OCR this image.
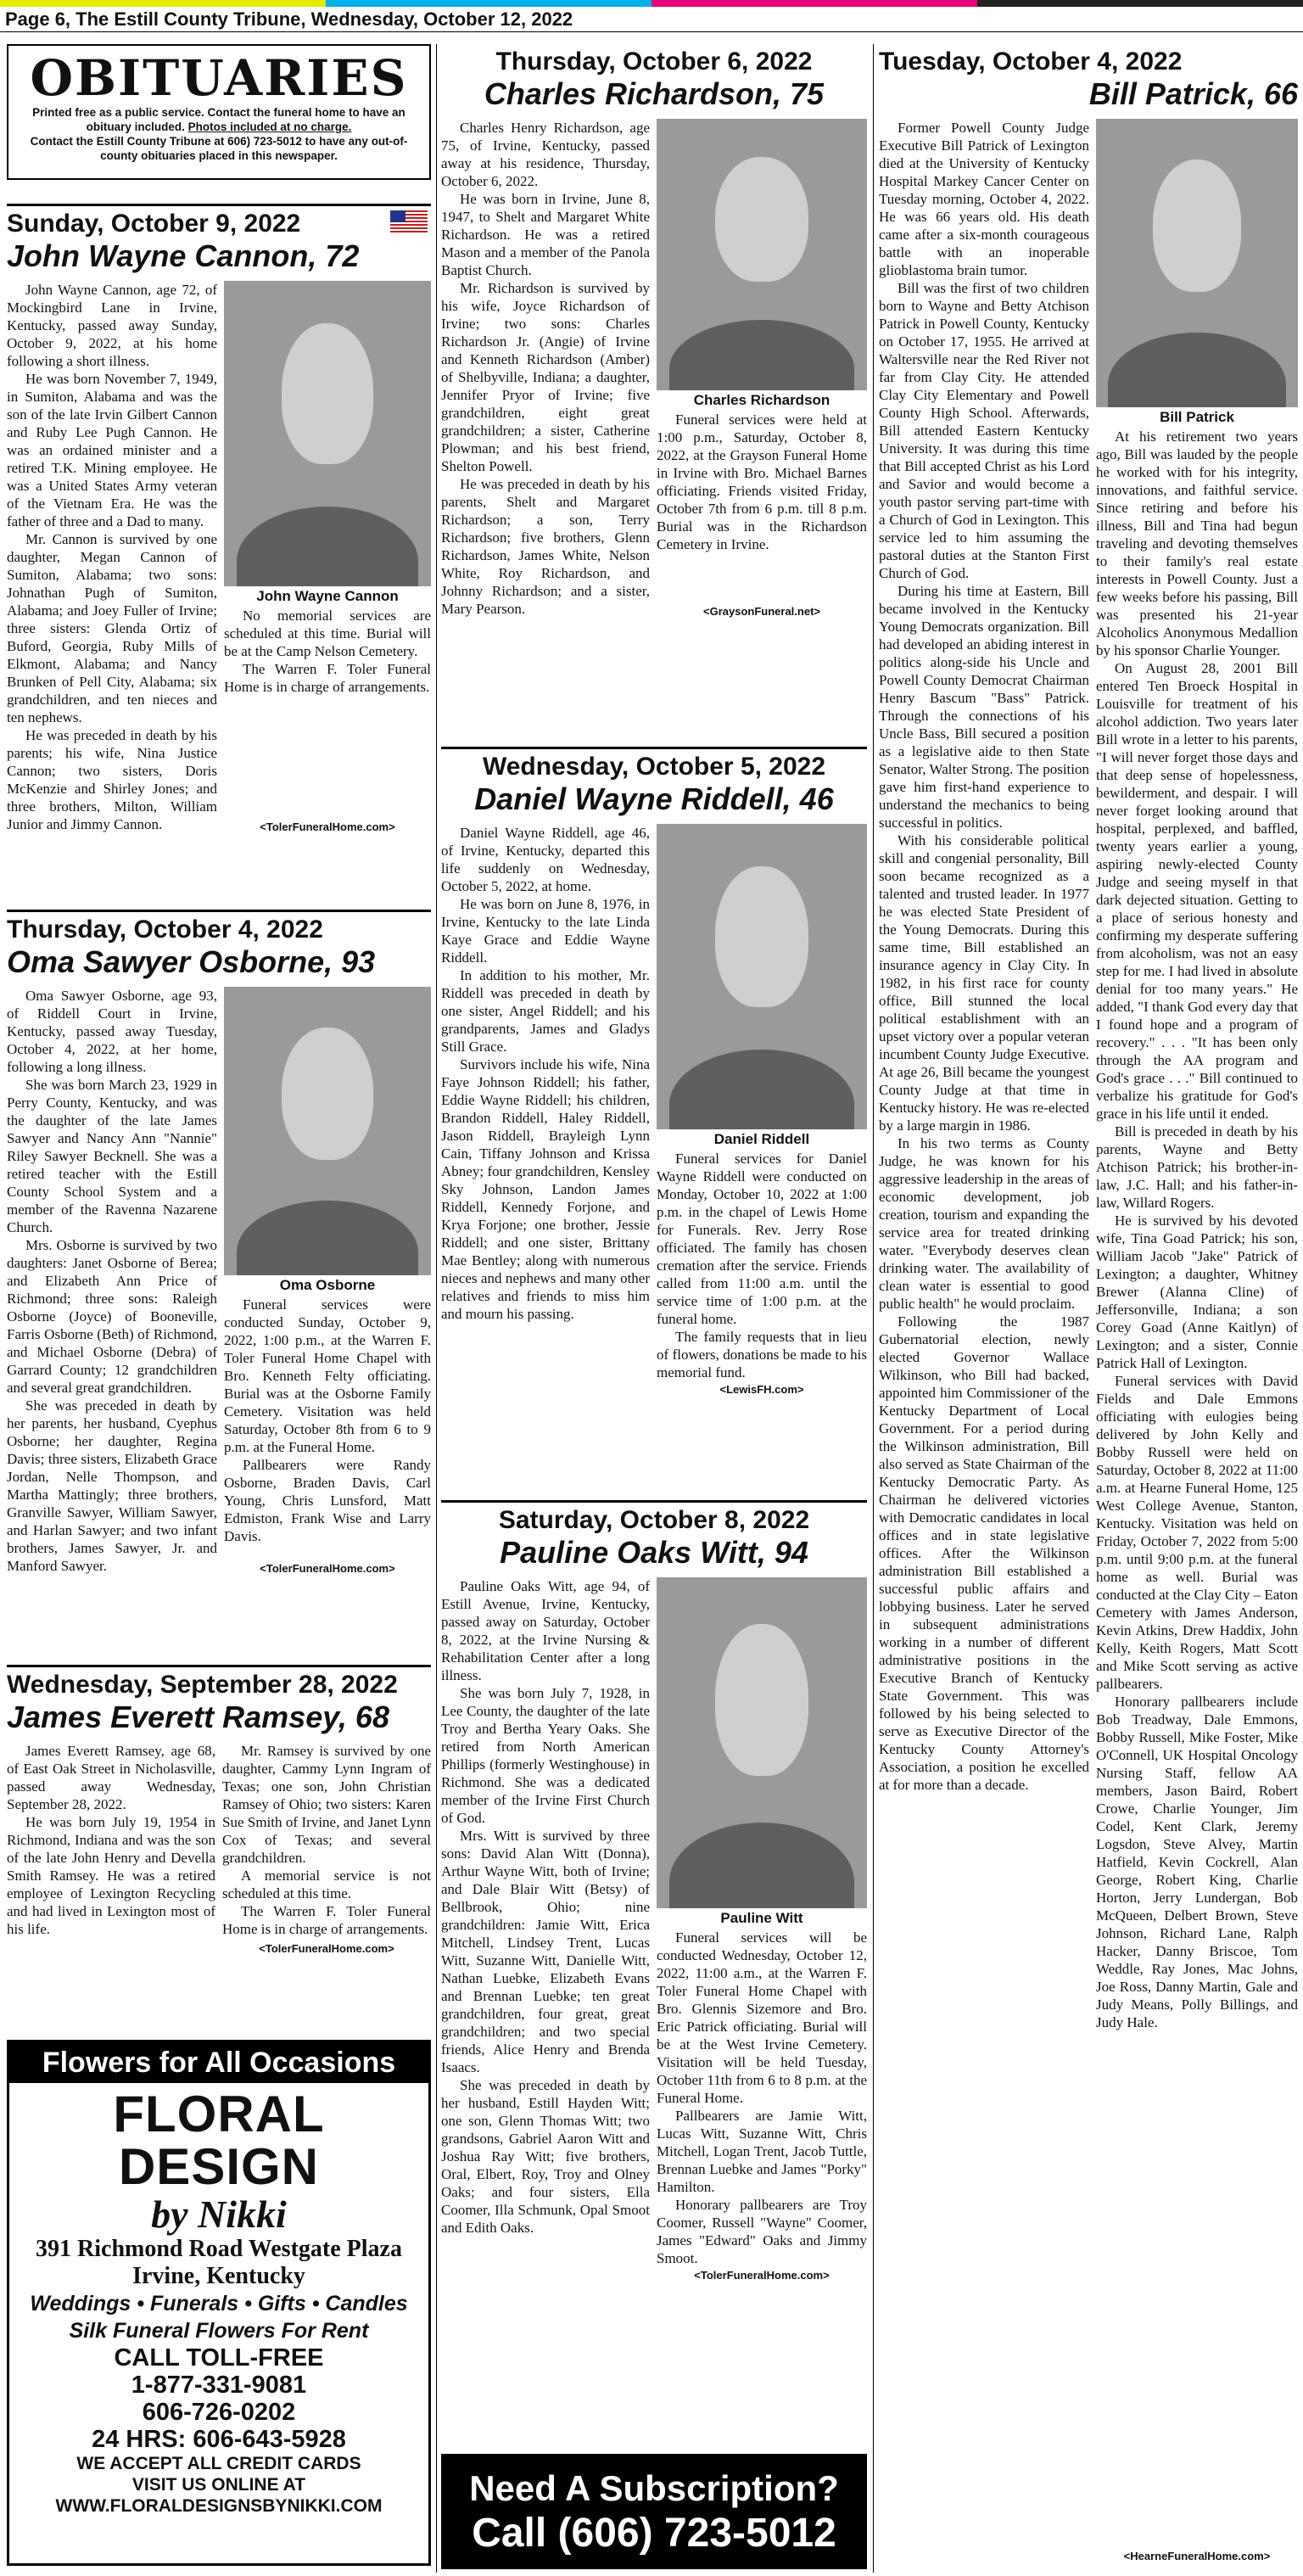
Page 6, The Estill County Tribune, Wednesday, October 12, 2022
OBITUARIES
Printed free as a public service. Contact the funeral home to have an obituary included. Photos included at no charge.
Contact the Estill County Tribune at 606) 723-5012 to have any out-of-county obituaries placed in this newspaper.
Sunday, October 9, 2022
John Wayne Cannon, 72

John Wayne Cannon, age 72, of Mockingbird Lane in Irvine, Kentucky, passed away Sunday, October 9, 2022, at his home following a short illness.

He was born November 7, 1949, in Sumiton, Alabama and was the son of the late Irvin Gilbert Cannon and Ruby Lee Pugh Cannon. He was an ordained minister and a retired T.K. Mining employee. He was a United States Army veteran of the Vietnam Era. He was the father of three and a Dad to many.

Mr. Cannon is survived by one daughter, Megan Cannon of Sumiton, Alabama; two sons: Johnathan Pugh of Sumiton, Alabama; and Joey Fuller of Irvine; three sisters: Glenda Ortiz of Buford, Georgia, Ruby Mills of Elkmont, Alabama; and Nancy Brunken of Pell City, Alabama; six grandchildren, and ten nieces and ten nephews.

He was preceded in death by his parents; his wife, Nina Justice Cannon; two sisters, Doris McKenzie and Shirley Jones; and three brothers, Milton, William Junior and Jimmy Cannon.

John Wayne Cannon

No memorial services are scheduled at this time. Burial will be at the Camp Nelson Cemetery.

The Warren F. Toler Funeral Home is in charge of arrangements.

<TolerFuneralHome.com>
Thursday, October 4, 2022
Oma Sawyer Osborne, 93

Oma Sawyer Osborne, age 93, of Riddell Court in Irvine, Kentucky, passed away Tuesday, October 4, 2022, at her home, following a long illness.

She was born March 23, 1929 in Perry County, Kentucky, and was the daughter of the late James Sawyer and Nancy Ann "Nannie" Riley Sawyer Becknell. She was a retired teacher with the Estill County School System and a member of the Ravenna Nazarene Church.

Mrs. Osborne is survived by two daughters: Janet Osborne of Berea; and Elizabeth Ann Price of Richmond; three sons: Raleigh Osborne (Joyce) of Booneville, Farris Osborne (Beth) of Richmond, and Michael Osborne (Debra) of Garrard County; 12 grandchildren and several great grandchildren.

She was preceded in death by her parents, her husband, Cyephus Osborne; her daughter, Regina Davis; three sisters, Elizabeth Grace Jordan, Nelle Thompson, and Martha Mattingly; three brothers, Granville Sawyer, William Sawyer, and Harlan Sawyer; and two infant brothers, James Sawyer, Jr. and Manford Sawyer.

Oma Osborne

Funeral services were conducted Sunday, October 9, 2022, 1:00 p.m., at the Warren F. Toler Funeral Home Chapel with Bro. Kenneth Felty officiating. Burial was at the Osborne Family Cemetery. Visitation was held Saturday, October 8th from 6 to 9 p.m. at the Funeral Home.

Pallbearers were Randy Osborne, Braden Davis, Carl Young, Chris Lunsford, Matt Edmiston, Frank Wise and Larry Davis.

<TolerFuneralHome.com>
Wednesday, September 28, 2022
James Everett Ramsey, 68

James Everett Ramsey, age 68, of East Oak Street in Nicholasville, passed away Wednesday, September 28, 2022.

He was born July 19, 1954 in Richmond, Indiana and was the son of the late John Henry and Devella Smith Ramsey. He was a retired employee of Lexington Recycling and had lived in Lexington most of his life.

Mr. Ramsey is survived by one daughter, Cammy Lynn Ingram of Texas; one son, John Christian Ramsey of Ohio; two sisters: Karen Sue Smith of Irvine, and Janet Lynn Cox of Texas; and several grandchildren.

A memorial service is not scheduled at this time.

The Warren F. Toler Funeral Home is in charge of arrangements.

<TolerFuneralHome.com>
Flowers for All Occasions
FLORAL DESIGN
by Nikki
391 Richmond Road Westgate Plaza
Irvine, Kentucky
Weddings • Funerals • Gifts • Candles
Silk Funeral Flowers For Rent
CALL TOLL-FREE
1-877-331-9081
606-726-0202
24 HRS: 606-643-5928
WE ACCEPT ALL CREDIT CARDS
VISIT US ONLINE AT
WWW.FLORALDESIGNSBYNIKKI.COM
Thursday, October 6, 2022
Charles Richardson, 75

Charles Henry Richardson, age 75, of Irvine, Kentucky, passed away at his residence, Thursday, October 6, 2022.

He was born in Irvine, June 8, 1947, to Shelt and Margaret White Richardson. He was a retired Mason and a member of the Panola Baptist Church.

Mr. Richardson is survived by his wife, Joyce Richardson of Irvine; two sons: Charles Richardson Jr. (Angie) of Irvine and Kenneth Richardson (Amber) of Shelbyville, Indiana; a daughter, Jennifer Pryor of Irvine; five grandchildren, eight great grandchildren; a sister, Catherine Plowman; and his best friend, Shelton Powell.

He was preceded in death by his parents, Shelt and Margaret Richardson; a son, Terry Richardson; five brothers, Glenn Richardson, James White, Nelson White, Roy Richardson, and Johnny Richardson; and a sister, Mary Pearson.

Charles Richardson

Funeral services were held at 1:00 p.m., Saturday, October 8, 2022, at the Grayson Funeral Home in Irvine with Bro. Michael Barnes officiating. Friends visited Friday, October 7th from 6 p.m. till 8 p.m. Burial was in the Richardson Cemetery in Irvine.

<GraysonFuneral.net>
Wednesday, October 5, 2022
Daniel Wayne Riddell, 46

Daniel Wayne Riddell, age 46, of Irvine, Kentucky, departed this life suddenly on Wednesday, October 5, 2022, at home.

He was born on June 8, 1976, in Irvine, Kentucky to the late Linda Kaye Grace and Eddie Wayne Riddell.

In addition to his mother, Mr. Riddell was preceded in death by one sister, Angel Riddell; and his grandparents, James and Gladys Still Grace.

Survivors include his wife, Nina Faye Johnson Riddell; his father, Eddie Wayne Riddell; his children, Brandon Riddell, Haley Riddell, Jason Riddell, Brayleigh Lynn Cain, Tiffany Johnson and Krissa Abney; four grandchildren, Kensley Sky Johnson, Landon James Riddell, Kennedy Forjone, and Krya Forjone; one brother, Jessie Riddell; and one sister, Brittany Mae Bentley; along with numerous nieces and nephews and many other relatives and friends to miss him and mourn his passing.

Daniel Riddell

Funeral services for Daniel Wayne Riddell were conducted on Monday, October 10, 2022 at 1:00 p.m. in the chapel of Lewis Home for Funerals. Rev. Jerry Rose officiated. The family has chosen cremation after the service. Friends called from 11:00 a.m. until the service time of 1:00 p.m. at the funeral home.

The family requests that in lieu of flowers, donations be made to his memorial fund.

<LewisFH.com>
Saturday, October 8, 2022
Pauline Oaks Witt, 94

Pauline Oaks Witt, age 94, of Estill Avenue, Irvine, Kentucky, passed away on Saturday, October 8, 2022, at the Irvine Nursing & Rehabilitation Center after a long illness.

She was born July 7, 1928, in Lee County, the daughter of the late Troy and Bertha Yeary Oaks. She retired from North American Phillips (formerly Westinghouse) in Richmond. She was a dedicated member of the Irvine First Church of God.

Mrs. Witt is survived by three sons: David Alan Witt (Donna), Arthur Wayne Witt, both of Irvine; and Dale Blair Witt (Betsy) of Bellbrook, Ohio; nine grandchildren: Jamie Witt, Erica Mitchell, Lindsey Trent, Lucas Witt, Suzanne Witt, Danielle Witt, Nathan Luebke, Elizabeth Evans and Brennan Luebke; ten great grandchildren, four great, great grandchildren; and two special friends, Alice Henry and Brenda Isaacs.

She was preceded in death by her husband, Estill Hayden Witt; one son, Glenn Thomas Witt; two grandsons, Gabriel Aaron Witt and Joshua Ray Witt; five brothers, Oral, Elbert, Roy, Troy and Olney Oaks; and four sisters, Ella Coomer, Illa Schmunk, Opal Smoot and Edith Oaks.

Pauline Witt

Funeral services will be conducted Wednesday, October 12, 2022, 11:00 a.m., at the Warren F. Toler Funeral Home Chapel with Bro. Glennis Sizemore and Bro. Eric Patrick officiating. Burial will be at the West Irvine Cemetery. Visitation will be held Tuesday, October 11th from 6 to 8 p.m. at the Funeral Home.

Pallbearers are Jamie Witt, Lucas Witt, Suzanne Witt, Chris Mitchell, Logan Trent, Jacob Tuttle, Brennan Luebke and James "Porky" Hamilton.

Honorary pallbearers are Troy Coomer, Russell "Wayne" Coomer, James "Edward" Oaks and Jimmy Smoot.

<TolerFuneralHome.com>
Need A Subscription?
Call (606) 723-5012
Tuesday, October 4, 2022
Bill Patrick, 66

Former Powell County Judge Executive Bill Patrick of Lexington died at the University of Kentucky Hospital Markey Cancer Center on Tuesday morning, October 4, 2022. He was 66 years old. His death came after a six-month courageous battle with an inoperable glioblastoma brain tumor.

Bill was the first of two children born to Wayne and Betty Atchison Patrick in Powell County, Kentucky on October 17, 1955. He arrived at Waltersville near the Red River not far from Clay City. He attended Clay City Elementary and Powell County High School. Afterwards, Bill attended Eastern Kentucky University. It was during this time that Bill accepted Christ as his Lord and Savior and would become a youth pastor serving part-time with a Church of God in Lexington. This service led to him assuming the pastoral duties at the Stanton First Church of God.

During his time at Eastern, Bill became involved in the Kentucky Young Democrats organization. Bill had developed an abiding interest in politics along-side his Uncle and Powell County Democrat Chairman Henry Bascum "Bass" Patrick. Through the connections of his Uncle Bass, Bill secured a position as a legislative aide to then State Senator, Walter Strong. The position gave him first-hand experience to understand the mechanics to being successful in politics.

With his considerable political skill and congenial personality, Bill soon became recognized as a talented and trusted leader. In 1977 he was elected State President of the Young Democrats. During this same time, Bill established an insurance agency in Clay City. In 1982, in his first race for county office, Bill stunned the local political establishment with an upset victory over a popular veteran incumbent County Judge Executive. At age 26, Bill became the youngest County Judge at that time in Kentucky history. He was re-elected by a large margin in 1986.

In his two terms as County Judge, he was known for his aggressive leadership in the areas of economic development, job creation, tourism and expanding the service area for treated drinking water. "Everybody deserves clean drinking water. The availability of clean water is essential to good public health" he would proclaim.

Following the 1987 Gubernatorial election, newly elected Governor Wallace Wilkinson, who Bill had backed, appointed him Commissioner of the Kentucky Department of Local Government. For a period during the Wilkinson administration, Bill also served as State Chairman of the Kentucky Democratic Party. As Chairman he delivered victories with Democratic candidates in local offices and in state legislative offices. After the Wilkinson administration Bill established a successful public affairs and lobbying business. Later he served in subsequent administrations working in a number of different administrative positions in the Executive Branch of Kentucky State Government. This was followed by his being selected to serve as Executive Director of the Kentucky County Attorney's Association, a position he excelled at for more than a decade.

Bill Patrick

At his retirement two years ago, Bill was lauded by the people he worked with for his integrity, innovations, and faithful service. Since retiring and before his illness, Bill and Tina had begun traveling and devoting themselves to their family's real estate interests in Powell County. Just a few weeks before his passing, Bill was presented his 21-year Alcoholics Anonymous Medallion by his sponsor Charlie Younger.

On August 28, 2001 Bill entered Ten Broeck Hospital in Louisville for treatment of his alcohol addiction. Two years later Bill wrote in a letter to his parents, "I will never forget those days and that deep sense of hopelessness, bewilderment, and despair. I will never forget looking around that hospital, perplexed, and baffled, twenty years earlier a young, aspiring newly-elected County Judge and seeing myself in that dark dejected situation. Getting to a place of serious honesty and confirming my desperate suffering from alcoholism, was not an easy step for me. I had lived in absolute denial for too many years." He added, "I thank God every day that I found hope and a program of recovery." . . . "It has been only through the AA program and God's grace . . ." Bill continued to verbalize his gratitude for God's grace in his life until it ended.

Bill is preceded in death by his parents, Wayne and Betty Atchison Patrick; his brother-in-law, J.C. Hall; and his father-in-law, Willard Rogers.

He is survived by his devoted wife, Tina Goad Patrick; his son, William Jacob "Jake" Patrick of Lexington; a daughter, Whitney Brewer (Alanna Cline) of Jeffersonville, Indiana; a son Corey Goad (Anne Kaitlyn) of Lexington; and a sister, Connie Patrick Hall of Lexington.

Funeral services with David Fields and Dale Emmons officiating with eulogies being delivered by John Kelly and Bobby Russell were held on Saturday, October 8, 2022 at 11:00 a.m. at Hearne Funeral Home, 125 West College Avenue, Stanton, Kentucky. Visitation was held on Friday, October 7, 2022 from 5:00 p.m. until 9:00 p.m. at the funeral home as well. Burial was conducted at the Clay City – Eaton Cemetery with James Anderson, Kevin Atkins, Drew Haddix, John Kelly, Keith Rogers, Matt Scott and Mike Scott serving as active pallbearers.

Honorary pallbearers include Bob Treadway, Dale Emmons, Bobby Russell, Mike Foster, Mike O'Connell, UK Hospital Oncology Nursing Staff, fellow AA members, Jason Baird, Robert Crowe, Charlie Younger, Jim Codel, Kent Clark, Jeremy Logsdon, Steve Alvey, Martin Hatfield, Kevin Cockrell, Alan George, Robert King, Charlie Horton, Jerry Lundergan, Bob McQueen, Delbert Brown, Steve Johnson, Richard Lane, Ralph Hacker, Danny Briscoe, Tom Weddle, Ray Jones, Mac Johns, Joe Ross, Danny Martin, Gale and Judy Means, Polly Billings, and Judy Hale.

<HearneFuneralHome.com>
